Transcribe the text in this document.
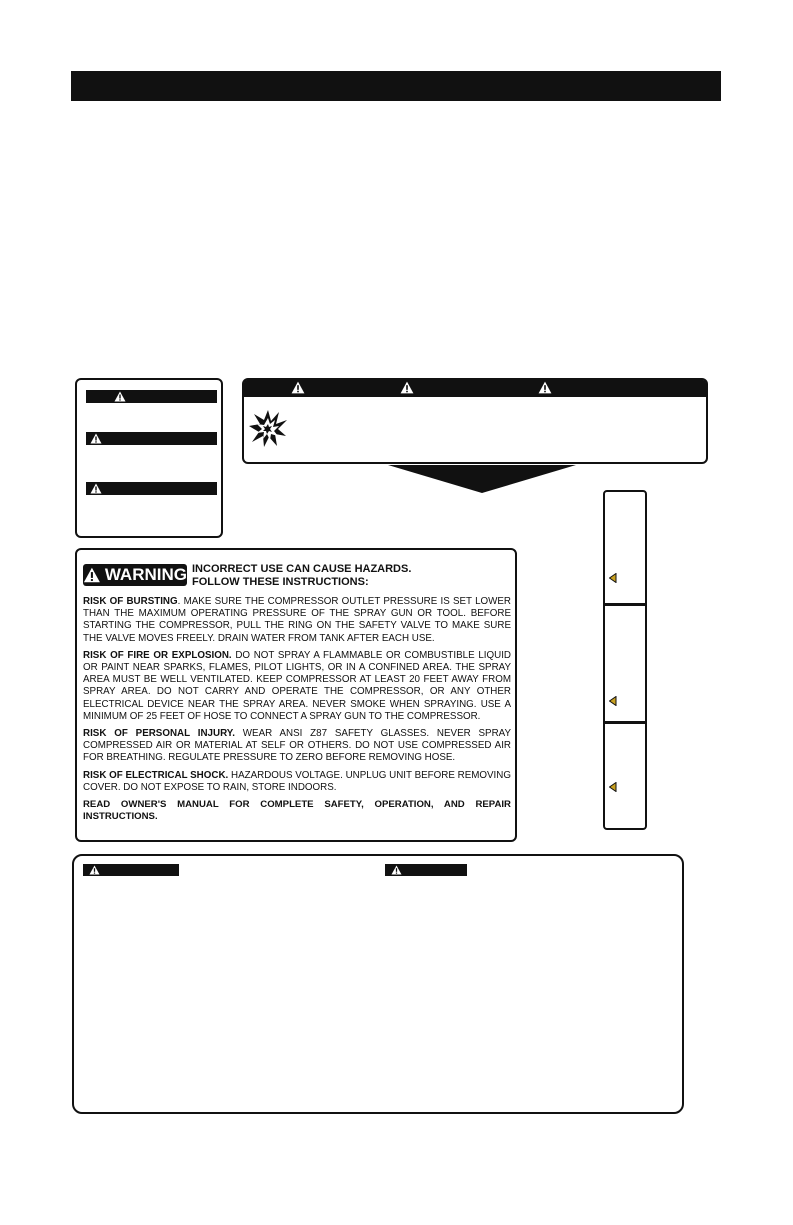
WARNING INCORRECT USE CAN CAUSE HAZARDS.
FOLLOW THESE INSTRUCTIONS:

RISK OF BURSTING. MAKE SURE THE COMPRESSOR OUTLET PRESSURE IS SET LOWER THAN THE MAXIMUM OPERATING PRESSURE OF THE SPRAY GUN OR TOOL. BEFORE STARTING THE COMPRESSOR, PULL THE RING ON THE SAFETY VALVE TO MAKE SURE THE VALVE MOVES FREELY. DRAIN WATER FROM TANK AFTER EACH USE.

RISK OF FIRE OR EXPLOSION. DO NOT SPRAY A FLAMMABLE OR COMBUSTIBLE LIQUID OR PAINT NEAR SPARKS, FLAMES, PILOT LIGHTS, OR IN A CONFINED AREA. THE SPRAY AREA MUST BE WELL VENTILATED. KEEP COMPRESSOR AT LEAST 20 FEET AWAY FROM SPRAY AREA. DO NOT CARRY AND OPERATE THE COMPRESSOR, OR ANY OTHER ELECTRICAL DEVICE NEAR THE SPRAY AREA. NEVER SMOKE WHEN SPRAYING. USE A MINIMUM OF 25 FEET OF HOSE TO CONNECT A SPRAY GUN TO THE COMPRESSOR.

RISK OF PERSONAL INJURY. WEAR ANSI Z87 SAFETY GLASSES. NEVER SPRAY COMPRESSED AIR OR MATERIAL AT SELF OR OTHERS. DO NOT USE COMPRESSED AIR FOR BREATHING. REGULATE PRESSURE TO ZERO BEFORE REMOVING HOSE.

RISK OF ELECTRICAL SHOCK. HAZARDOUS VOLTAGE. UNPLUG UNIT BEFORE REMOVING COVER. DO NOT EXPOSE TO RAIN, STORE INDOORS.

READ OWNER'S MANUAL FOR COMPLETE SAFETY, OPERATION, AND REPAIR INSTRUCTIONS.
